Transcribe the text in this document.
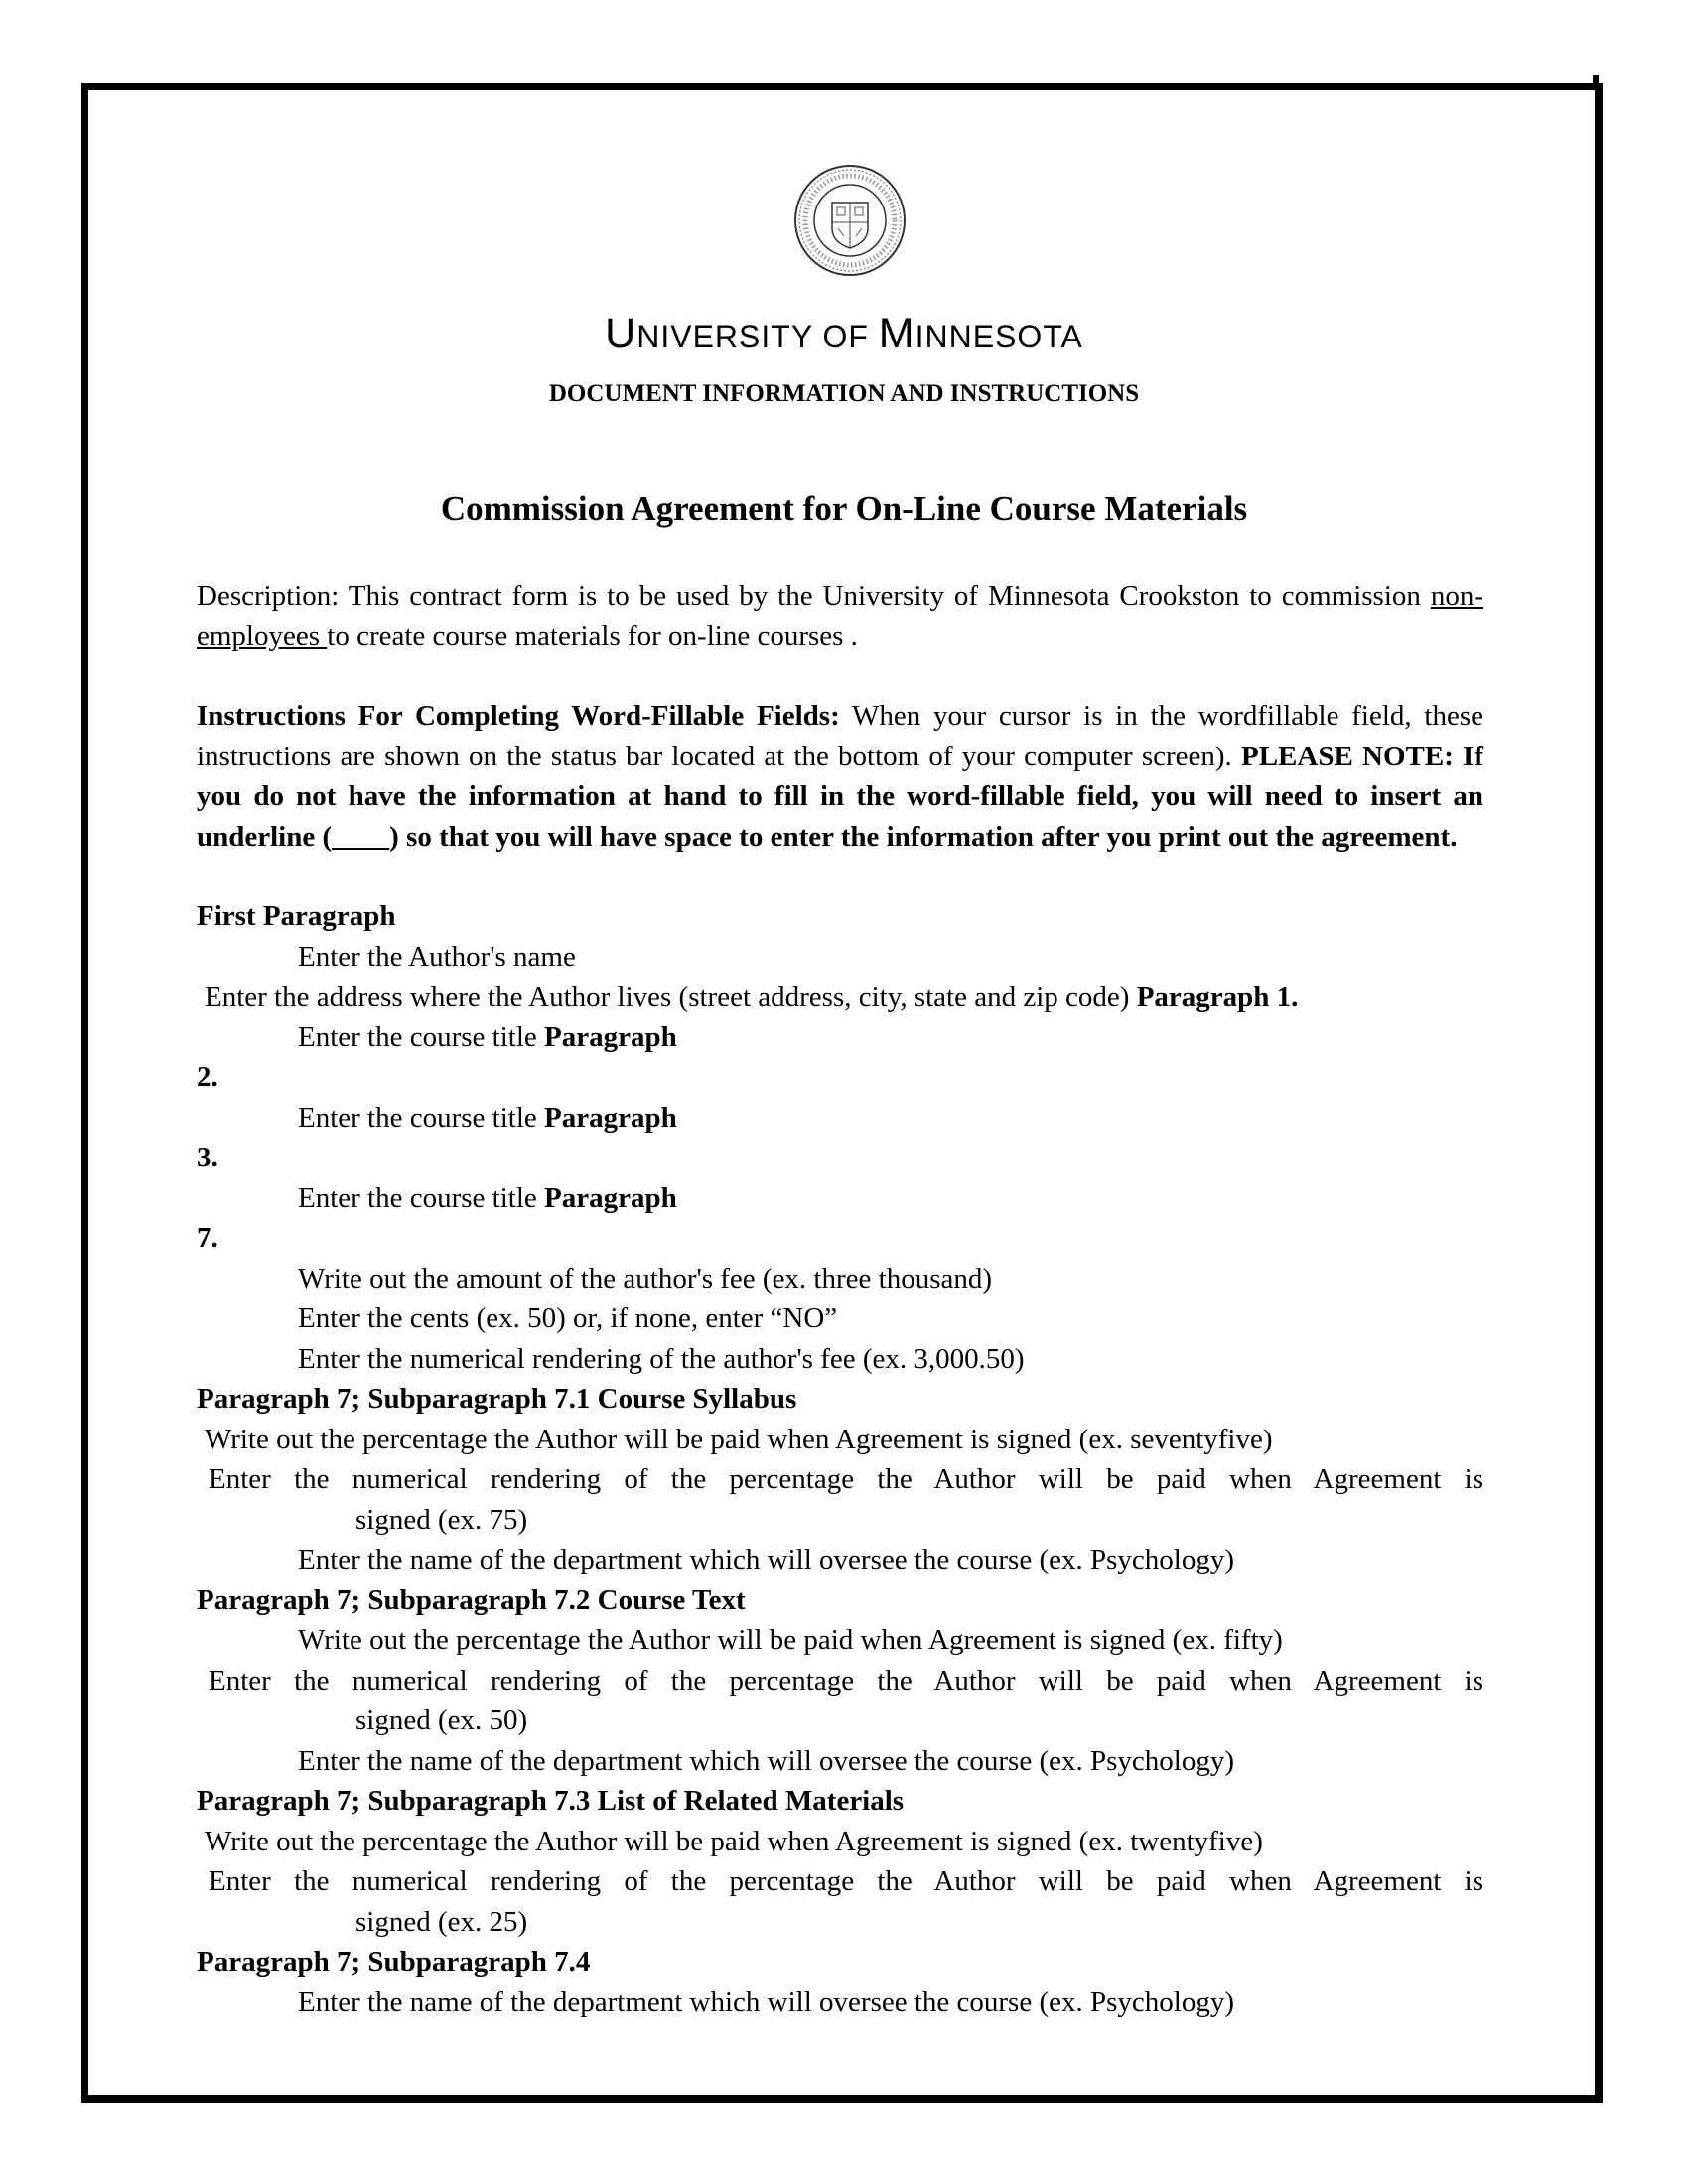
UNIVERSITY OF MINNESOTA
DOCUMENT INFORMATION AND INSTRUCTIONS
Commission Agreement for On-Line Course Materials

Description: This contract form is to be used by the University of Minnesota Crookston to commission non-employees to create course materials for on-line courses .

Instructions For Completing Word-Fillable Fields: When your cursor is in the wordfillable field, these instructions are shown on the status bar located at the bottom of your computer screen). PLEASE NOTE: If you do not have the information at hand to fill in the word-fillable field, you will need to insert an underline (____) so that you will have space to enter the information after you print out the agreement.

First Paragraph

Enter the Author's name

Enter the address where the Author lives (street address, city, state and zip code) Paragraph 1.

Enter the course title Paragraph

2.

Enter the course title Paragraph

3.

Enter the course title Paragraph

7.

Write out the amount of the author's fee (ex. three thousand)

Enter the cents (ex. 50) or, if none, enter “NO”

Enter the numerical rendering of the author's fee (ex. 3,000.50)

Paragraph 7; Subparagraph 7.1 Course Syllabus

Write out the percentage the Author will be paid when Agreement is signed (ex. seventyfive)

Enter the numerical rendering of the percentage the Author will be paid when Agreement is

signed (ex. 75)

Enter the name of the department which will oversee the course (ex. Psychology)

Paragraph 7; Subparagraph 7.2 Course Text

Write out the percentage the Author will be paid when Agreement is signed (ex. fifty)

Enter the numerical rendering of the percentage the Author will be paid when Agreement is

signed (ex. 50)

Enter the name of the department which will oversee the course (ex. Psychology)

Paragraph 7; Subparagraph 7.3 List of Related Materials

Write out the percentage the Author will be paid when Agreement is signed (ex. twentyfive)

Enter the numerical rendering of the percentage the Author will be paid when Agreement is

signed (ex. 25)

Paragraph 7; Subparagraph 7.4

Enter the name of the department which will oversee the course (ex. Psychology)
